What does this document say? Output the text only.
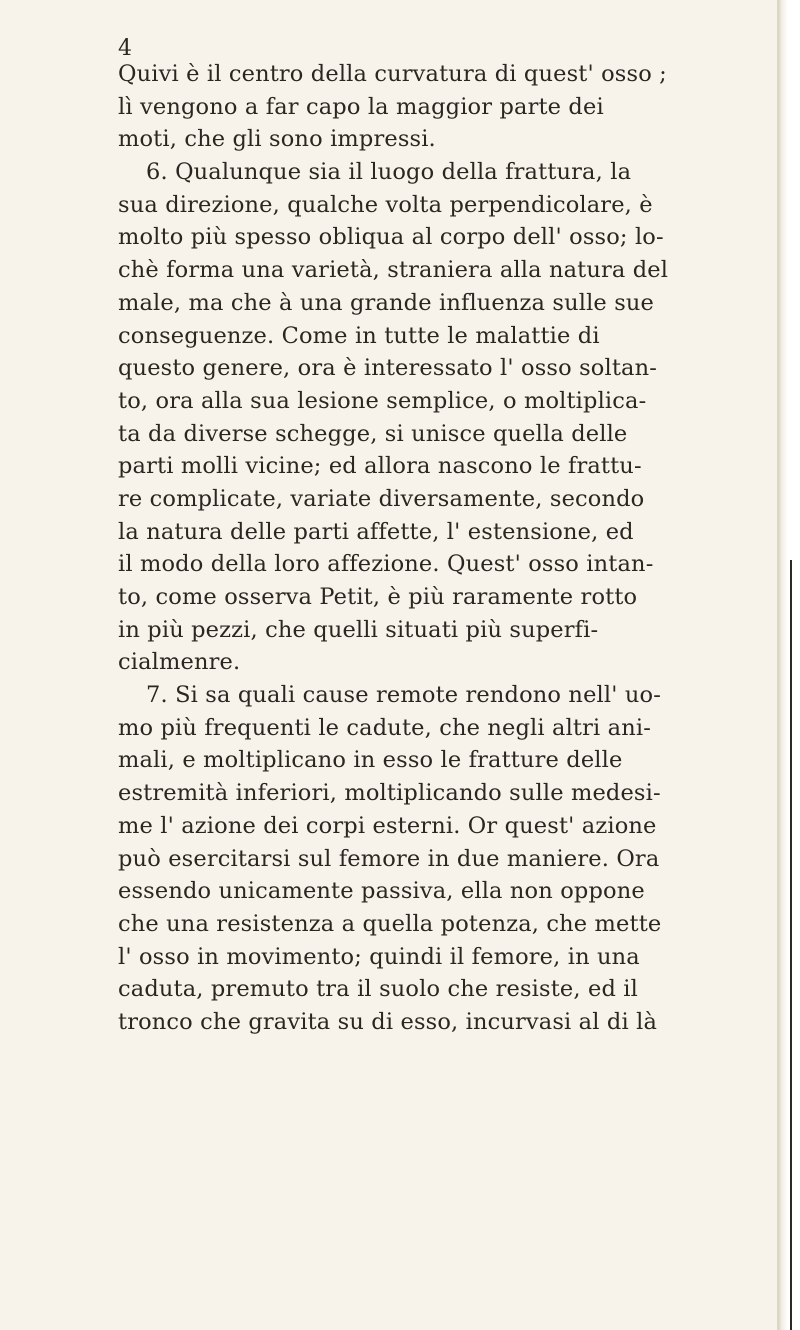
4

Quivi è il centro della curvatura di quest' osso ;
lì vengono a far capo la maggior parte dei
moti, che gli sono impressi.
6. Qualunque sia il luogo della frattura, la
sua direzione, qualche volta perpendicolare, è
molto più spesso obliqua al corpo dell' osso; lo-
chè forma una varietà, straniera alla natura del
male, ma che à una grande influenza sulle sue
conseguenze. Come in tutte le malattie di
questo genere, ora è interessato l' osso soltan-
to, ora alla sua lesione semplice, o moltiplica-
ta da diverse schegge, si unisce quella delle
parti molli vicine; ed allora nascono le frattu-
re complicate, variate diversamente, secondo
la natura delle parti affette, l' estensione, ed
il modo della loro affezione. Quest' osso intan-
to, come osserva Petit, è più raramente rotto
in più pezzi, che quelli situati più superfi-
cialmenre.
7. Si sa quali cause remote rendono nell' uo-
mo più frequenti le cadute, che negli altri ani-
mali, e moltiplicano in esso le fratture delle
estremità inferiori, moltiplicando sulle medesi-
me l' azione dei corpi esterni. Or quest' azione
può esercitarsi sul femore in due maniere. Ora
essendo unicamente passiva, ella non oppone
che una resistenza a quella potenza, che mette
l' osso in movimento; quindi il femore, in una
caduta, premuto tra il suolo che resiste, ed il
tronco che gravita su di esso, incurvasi al di là
